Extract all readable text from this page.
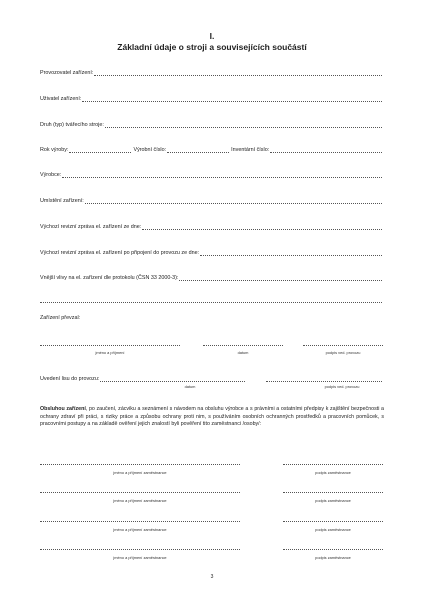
I.
Základní údaje o stroji a souvisejících součástí
Provozovatel zařízení:
Uživatel zařízení:
Druh (typ) tvářecího stroje:
Rok výroby:	Výrobní číslo:	Inventární číslo:
Výrobce:
Umístění zařízení:
Výchozí revizní zpráva el. zařízení ze dne:
Výchozí revizní zpráva el. zařízení po připojení do provozu ze dne:
Vnější vlivy na el. zařízení dle protokolu (ČSN 33 2000-3):
Zařízení převzal:
jméno a příjmení	datum	podpis ved. provozu
Uvedení lisu do provozu:
datum	podpis ved. provozu
Obsluhou zařízení, po zaučení, zácviku a seznámení s návodem na obsluhu výrobce a s právními a ostatními předpisy k zajištění bezpečnosti a ochrany zdraví při práci, s riziky práce a způsobu ochrany proti nim, s používáním osobních ochranných prostředků a pracovních pomůcek, s pracovními postupy a na základě ověření jejich znalostí byli pověření tito zaměstnanci /osoby/:
jméno a příjmení zaměstnance	podpis zaměstnance
jméno a příjmení zaměstnance	podpis zaměstnance
jméno a příjmení zaměstnance	podpis zaměstnance
jméno a příjmení zaměstnance	podpis zaměstnance
3
